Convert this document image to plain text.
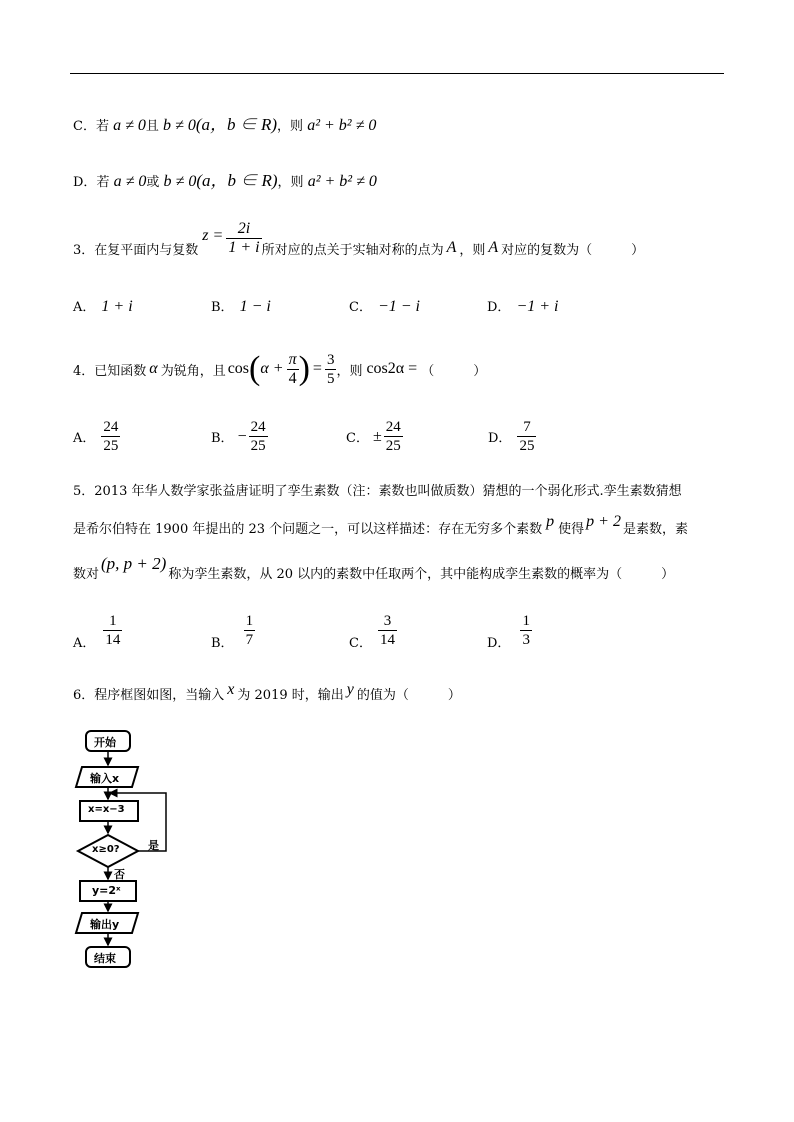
C．若 a ≠ 0且 b ≠ 0(a，b ∈ R)，则 a² + b² ≠ 0
D．若 a ≠ 0或 b ≠ 0(a，b ∈ R)，则 a² + b² ≠ 0
3．在复平面内与复数
$z = \frac{2i}{1 + i}$ 所对应的点关于实轴对称的点为 A ，则 A 对应的复数为（　　　）
A． 1 + i	B． 1 − i	C． −1 − i	D． −1 + i
4．已知函数 α 为锐角，且 cos ( $\alpha + \frac{\pi}{4}$ ) = $\frac{3}{5}$ ，则 cos2α = （　　　）
A． $\frac{24}{25}$	B． − $\frac{24}{25}$	C． ± $\frac{24}{25}$	D． $\frac{7}{25}$
5．2013 年华人数学家张益唐证明了孪生素数（注：素数也叫做质数）猜想的一个弱化形式.孪生素数猜想
是希尔伯特在 1900 年提出的 23 个问题之一，可以这样描述：存在无穷多个素数 p 使得 p + 2 是素数，素
数对
(p, p + 2)
称为孪生素数，从 20 以内的素数中任取两个，其中能构成孪生素数的概率为（　　　）
A． $\frac{1}{14}$	B． $\frac{1}{7}$	C． $\frac{3}{14}$	D． $\frac{1}{3}$
6．程序框图如图，当输入 x 为 2019 时，输出 y 的值为（　　　）
开始
输入x
x=x−3
x≥0?	是
否
y=2ˣ
输出y
结束
